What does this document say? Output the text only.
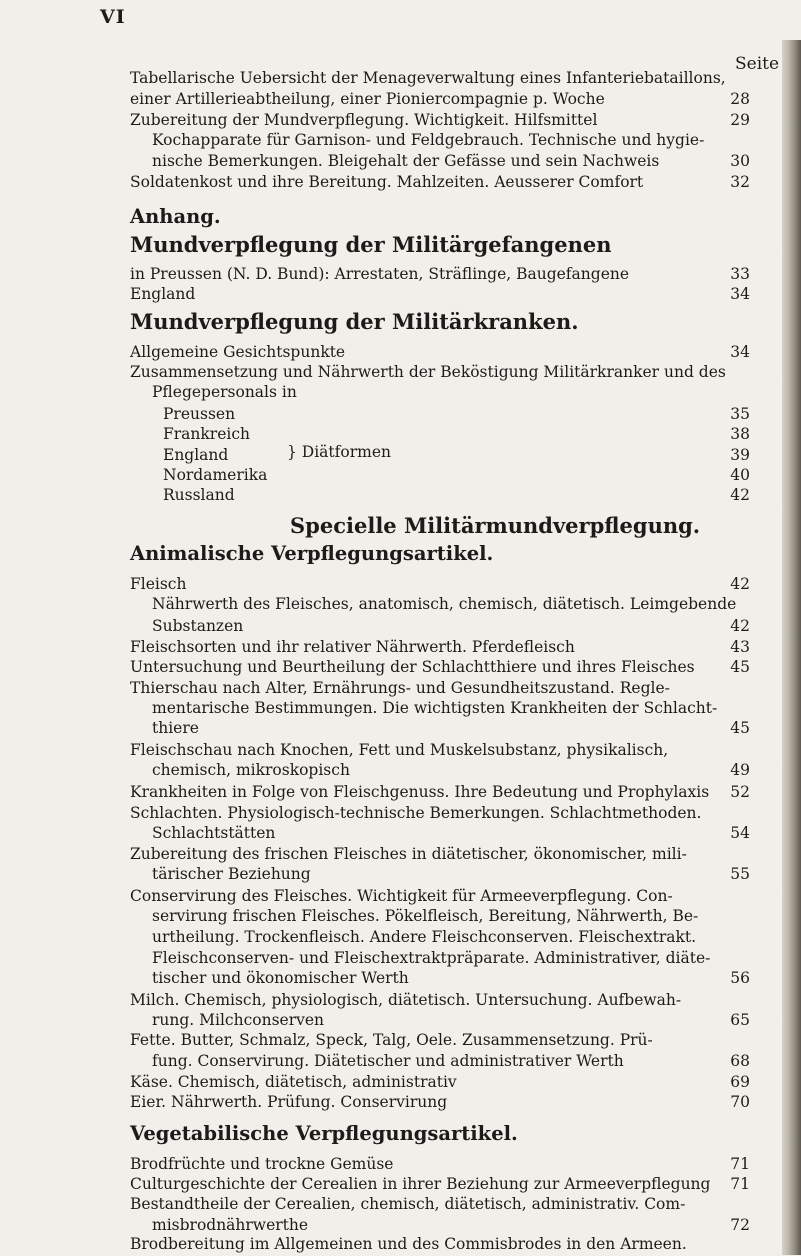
VI
Seite
Tabellarische Uebersicht der Menageverwaltung eines Infanteriebataillons,
einer Artillerieabtheilung, einer Pioniercompagnie p. Woche	28
Zubereitung der Mundverpflegung. Wichtigkeit. Hilfsmittel	29
Kochapparate für Garnison- und Feldgebrauch. Technische und hygie-
nische Bemerkungen. Bleigehalt der Gefässe und sein Nachweis	30
Soldatenkost und ihre Bereitung. Mahlzeiten. Aeusserer Comfort	32
Anhang.
Mundverpflegung der Militärgefangenen
in Preussen (N. D. Bund): Arrestaten, Sträflinge, Baugefangene	33
England	34
Mundverpflegung der Militärkranken.
Allgemeine Gesichtspunkte	34
Zusammensetzung und Nährwerth der Beköstigung Militärkranker und des
Pflegepersonals in
Preussen	35
Frankreich	38
England	39
Nordamerika	40
Russland	42
} Diätformen
Specielle Militärmundverpflegung.
Animalische Verpflegungsartikel.
Fleisch	42
Nährwerth des Fleisches, anatomisch, chemisch, diätetisch. Leimgebende
Substanzen	42
Fleischsorten und ihr relativer Nährwerth. Pferdefleisch	43
Untersuchung und Beurtheilung der Schlachtthiere und ihres Fleisches 45
Thierschau nach Alter, Ernährungs- und Gesundheitszustand. Regle-
mentarische Bestimmungen. Die wichtigsten Krankheiten der Schlacht-
thiere	45
Fleischschau nach Knochen, Fett und Muskelsubstanz, physikalisch,
chemisch, mikroskopisch	49
Krankheiten in Folge von Fleischgenuss. Ihre Bedeutung und Prophylaxis 52
Schlachten. Physiologisch-technische Bemerkungen. Schlachtmethoden.
Schlachtstätten	54
Zubereitung des frischen Fleisches in diätetischer, ökonomischer, mili-
tärischer Beziehung	55
Conservirung des Fleisches. Wichtigkeit für Armeeverpflegung. Con-
servirung frischen Fleisches. Pökelfleisch, Bereitung, Nährwerth, Be-
urtheilung. Trockenfleisch. Andere Fleischconserven. Fleischextrakt.
Fleischconserven- und Fleischextraktpräparate. Administrativer, diäte-
tischer und ökonomischer Werth	56
Milch. Chemisch, physiologisch, diätetisch. Untersuchung. Aufbewah-
rung. Milchconserven	65
Fette. Butter, Schmalz, Speck, Talg, Oele. Zusammensetzung. Prü-
fung. Conservirung. Diätetischer und administrativer Werth	68
Käse. Chemisch, diätetisch, administrativ	69
Eier. Nährwerth. Prüfung. Conservirung	70
Vegetabilische Verpflegungsartikel.
Brodfrüchte und trockne Gemüse	71
Culturgeschichte der Cerealien in ihrer Beziehung zur Armeeverpflegung 71
Bestandtheile der Cerealien, chemisch, diätetisch, administrativ. Com-
misbrodnährwerthe	72
Brodbereitung im Allgemeinen und des Commisbrodes in den Armeen.
